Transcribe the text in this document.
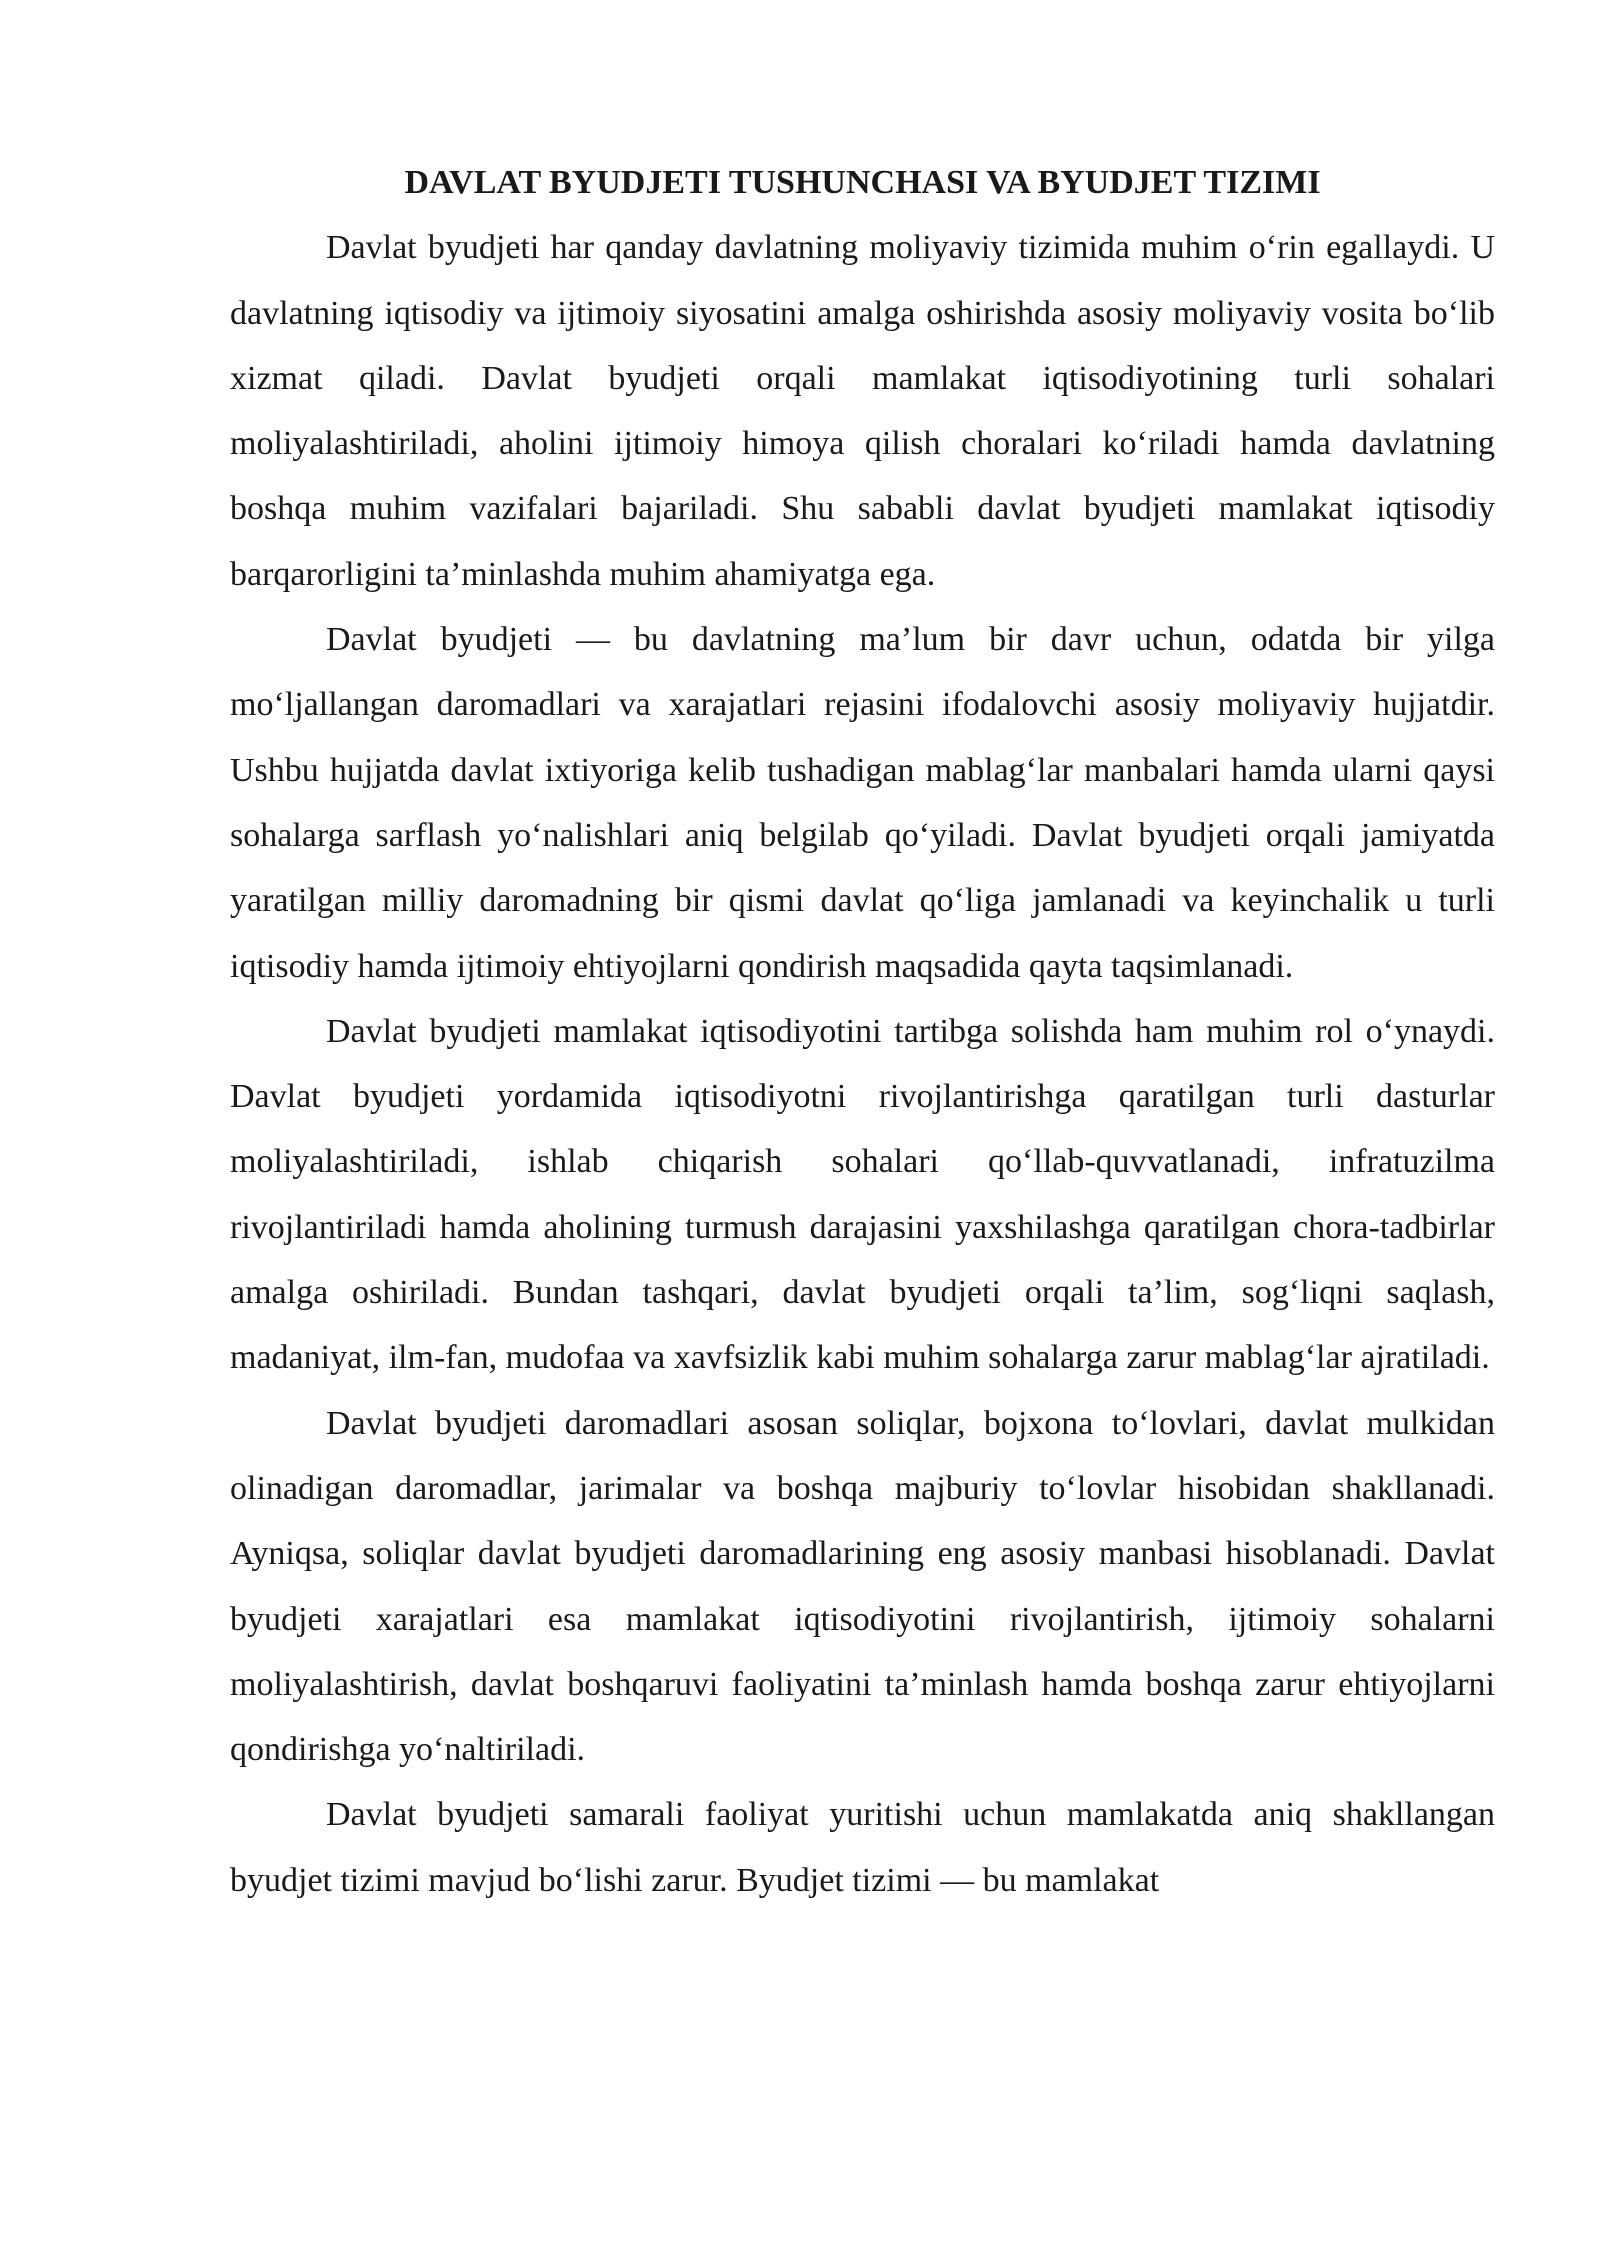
DAVLAT BYUDJETI TUSHUNCHASI VA BYUDJET TIZIMI

Davlat byudjeti har qanday davlatning moliyaviy tizimida muhim o‘rin egallaydi. U davlatning iqtisodiy va ijtimoiy siyosatini amalga oshirishda asosiy moliyaviy vosita bo‘lib xizmat qiladi. Davlat byudjeti orqali mamlakat iqtisodiyotining turli sohalari moliyalashtiriladi, aholini ijtimoiy himoya qilish choralari ko‘riladi hamda davlatning boshqa muhim vazifalari bajariladi. Shu sababli davlat byudjeti mamlakat iqtisodiy barqarorligini ta’minlashda muhim ahamiyatga ega.

Davlat byudjeti — bu davlatning ma’lum bir davr uchun, odatda bir yilga mo‘ljallangan daromadlari va xarajatlari rejasini ifodalovchi asosiy moliyaviy hujjatdir. Ushbu hujjatda davlat ixtiyoriga kelib tushadigan mablag‘lar manbalari hamda ularni qaysi sohalarga sarflash yo‘nalishlari aniq belgilab qo‘yiladi. Davlat byudjeti orqali jamiyatda yaratilgan milliy daromadning bir qismi davlat qo‘liga jamlanadi va keyinchalik u turli iqtisodiy hamda ijtimoiy ehtiyojlarni qondirish maqsadida qayta taqsimlanadi.

Davlat byudjeti mamlakat iqtisodiyotini tartibga solishda ham muhim rol o‘ynaydi. Davlat byudjeti yordamida iqtisodiyotni rivojlantirishga qaratilgan turli dasturlar moliyalashtiriladi, ishlab chiqarish sohalari qo‘llab-quvvatlanadi, infratuzilma rivojlantiriladi hamda aholining turmush darajasini yaxshilashga qaratilgan chora-tadbirlar amalga oshiriladi. Bundan tashqari, davlat byudjeti orqali ta’lim, sog‘liqni saqlash, madaniyat, ilm-fan, mudofaa va xavfsizlik kabi muhim sohalarga zarur mablag‘lar ajratiladi.

Davlat byudjeti daromadlari asosan soliqlar, bojxona to‘lovlari, davlat mulkidan olinadigan daromadlar, jarimalar va boshqa majburiy to‘lovlar hisobidan shakllanadi. Ayniqsa, soliqlar davlat byudjeti daromadlarining eng asosiy manbasi hisoblanadi. Davlat byudjeti xarajatlari esa mamlakat iqtisodiyotini rivojlantirish, ijtimoiy sohalarni moliyalashtirish, davlat boshqaruvi faoliyatini ta’minlash hamda boshqa zarur ehtiyojlarni qondirishga yo‘naltiriladi.

Davlat byudjeti samarali faoliyat yuritishi uchun mamlakatda aniq shakllangan byudjet tizimi mavjud bo‘lishi zarur. Byudjet tizimi — bu mamlakat
